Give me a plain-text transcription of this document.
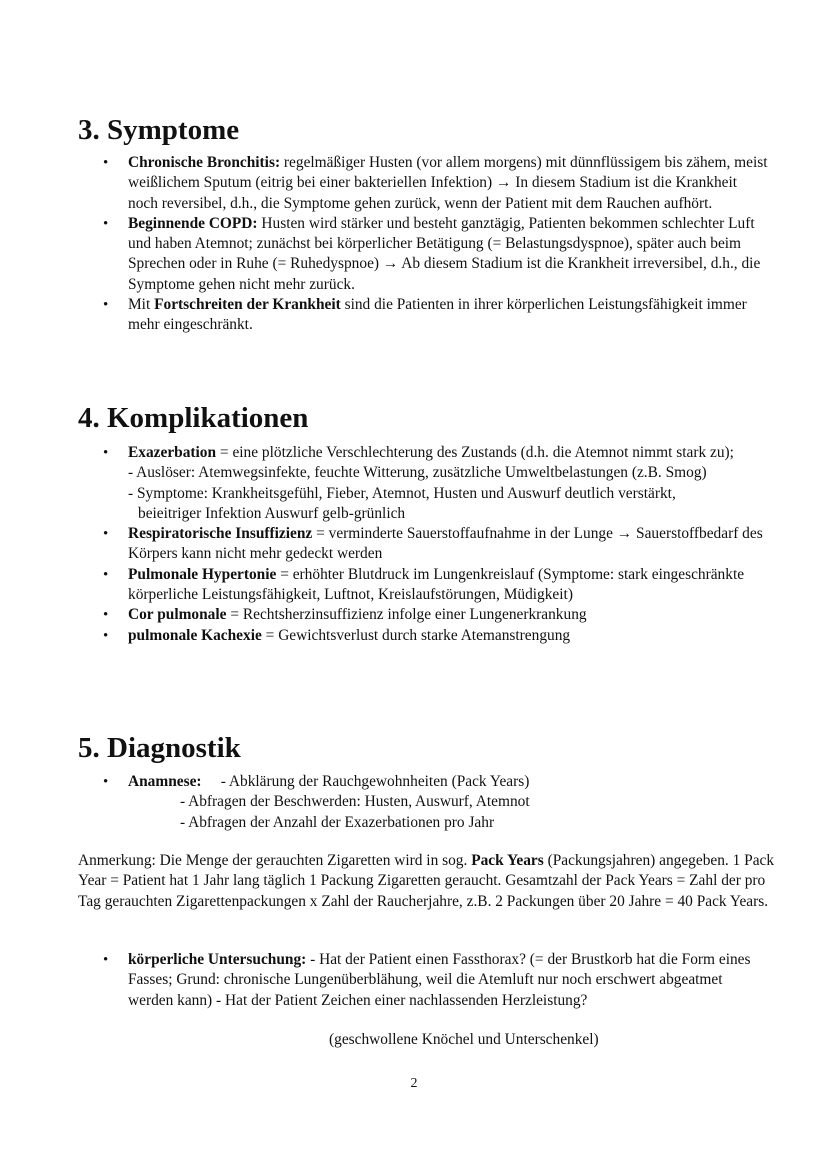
3. Symptome
• Chronische Bronchitis: regelmäßiger Husten (vor allem morgens) mit dünnflüssigem bis zähem, meist weißlichem Sputum (eitrig bei einer bakteriellen Infektion) → In diesem Stadium ist die Krankheit noch reversibel, d.h., die Symptome gehen zurück, wenn der Patient mit dem Rauchen aufhört.
• Beginnende COPD: Husten wird stärker und besteht ganztägig, Patienten bekommen schlechter Luft und haben Atemnot; zunächst bei körperlicher Betätigung (= Belastungsdyspnoe), später auch beim Sprechen oder in Ruhe (= Ruhedyspnoe) → Ab diesem Stadium ist die Krankheit irreversibel, d.h., die Symptome gehen nicht mehr zurück.
• Mit Fortschreiten der Krankheit sind die Patienten in ihrer körperlichen Leistungsfähigkeit immer mehr eingeschränkt.
4. Komplikationen
• Exazerbation = eine plötzliche Verschlechterung des Zustands (d.h. die Atemnot nimmt stark zu);
- Auslöser: Atemwegsinfekte, feuchte Witterung, zusätzliche Umweltbelastungen (z.B. Smog)
- Symptome: Krankheitsgefühl, Fieber, Atemnot, Husten und Auswurf deutlich verstärkt,
beieitriger Infektion Auswurf gelb-grünlich
• Respiratorische Insuffizienz = verminderte Sauerstoffaufnahme in der Lunge → Sauerstoffbedarf des Körpers kann nicht mehr gedeckt werden
• Pulmonale Hypertonie = erhöhter Blutdruck im Lungenkreislauf (Symptome: stark eingeschränkte körperliche Leistungsfähigkeit, Luftnot, Kreislaufstörungen, Müdigkeit)
• Cor pulmonale = Rechtsherzinsuffizienz infolge einer Lungenerkrankung
• pulmonale Kachexie = Gewichtsverlust durch starke Atemanstrengung
5. Diagnostik
• Anamnese: - Abklärung der Rauchgewohnheiten (Pack Years)
- Abfragen der Beschwerden: Husten, Auswurf, Atemnot
- Abfragen der Anzahl der Exazerbationen pro Jahr

Anmerkung: Die Menge der gerauchten Zigaretten wird in sog. Pack Years (Packungsjahren) angegeben. 1 Pack Year = Patient hat 1 Jahr lang täglich 1 Packung Zigaretten geraucht. Gesamtzahl der Pack Years = Zahl der pro Tag gerauchten Zigarettenpackungen x Zahl der Raucherjahre, z.B. 2 Packungen über 20 Jahre = 40 Pack Years.

• körperliche Untersuchung: - Hat der Patient einen Fassthorax? (= der Brustkorb hat die Form eines Fasses; Grund: chronische Lungenüberblähung, weil die Atemluft nur noch erschwert abgeatmet werden kann) - Hat der Patient Zeichen einer nachlassenden Herzleistung?
(geschwollene Knöchel und Unterschenkel)
2
